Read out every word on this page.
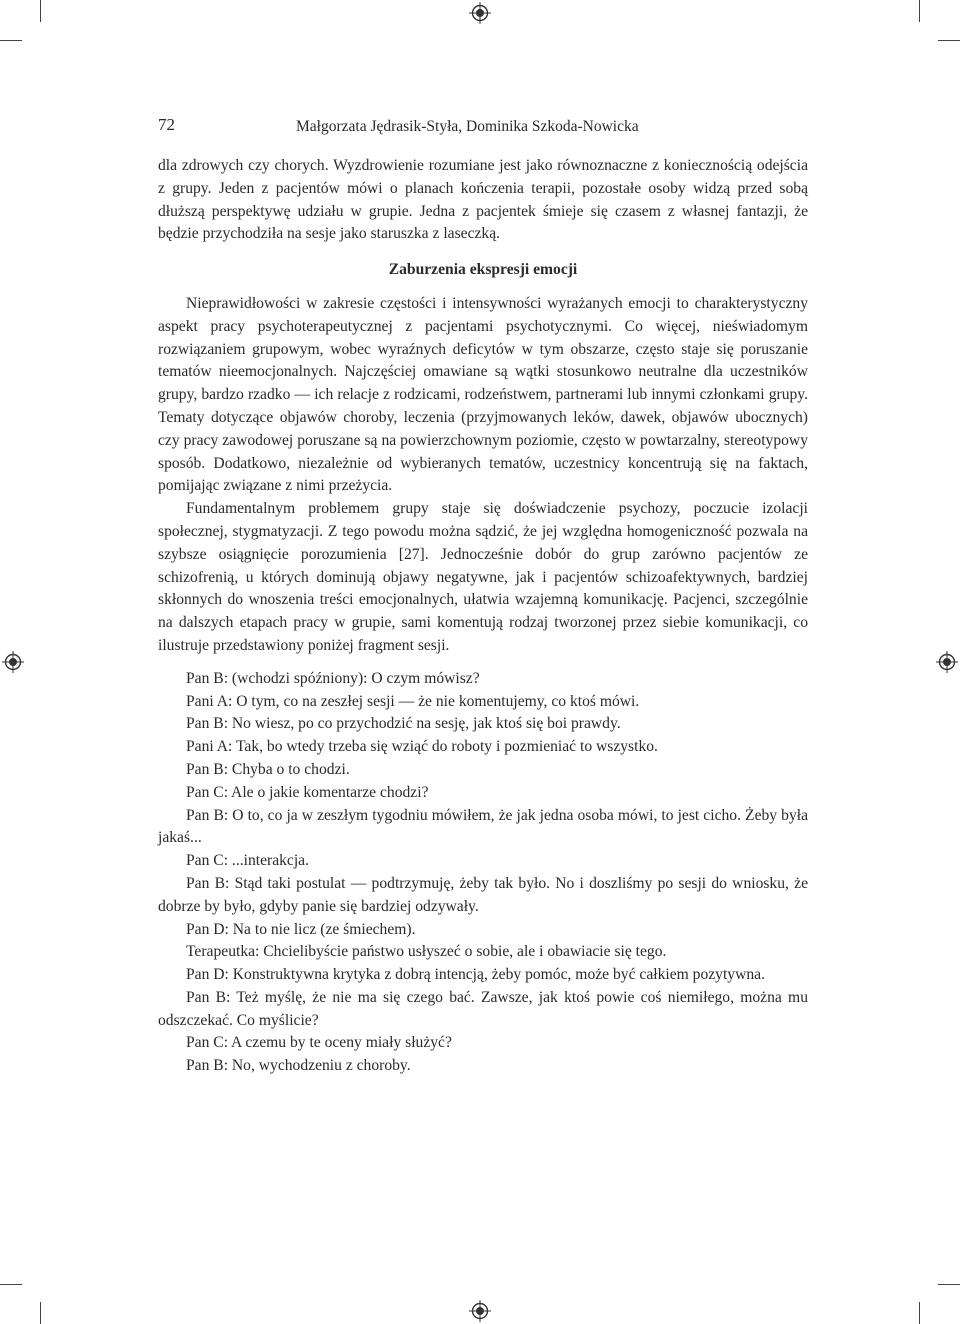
72	Małgorzata Jędrasik-Styła, Dominika Szkoda-Nowicka

dla zdrowych czy chorych. Wyzdrowienie rozumiane jest jako równoznaczne z koniecznością odejścia z grupy. Jeden z pacjentów mówi o planach kończenia terapii, pozostałe osoby widzą przed sobą dłuższą perspektywę udziału w grupie. Jedna z pacjentek śmieje się czasem z własnej fantazji, że będzie przychodziła na sesje jako staruszka z laseczką.

Zaburzenia ekspresji emocji

Nieprawidłowości w zakresie częstości i intensywności wyrażanych emocji to charakterystyczny aspekt pracy psychoterapeutycznej z pacjentami psychotycznymi. Co więcej, nieświadomym rozwiązaniem grupowym, wobec wyraźnych deficytów w tym obszarze, często staje się poruszanie tematów nieemocjonalnych. Najczęściej omawiane są wątki stosunkowo neutralne dla uczestników grupy, bardzo rzadko — ich relacje z rodzicami, rodzeństwem, partnerami lub innymi członkami grupy. Tematy dotyczące objawów choroby, leczenia (przyjmowanych leków, dawek, objawów ubocznych) czy pracy zawodowej poruszane są na powierzchownym poziomie, często w powtarzalny, stereotypowy sposób. Dodatkowo, niezależnie od wybieranych tematów, uczestnicy koncentrują się na faktach, pomijając związane z nimi przeżycia.

Fundamentalnym problemem grupy staje się doświadczenie psychozy, poczucie izolacji społecznej, stygmatyzacji. Z tego powodu można sądzić, że jej względna homogeniczność pozwala na szybsze osiągnięcie porozumienia [27]. Jednocześnie dobór do grup zarówno pacjentów ze schizofrenią, u których dominują objawy negatywne, jak i pacjentów schizoafektywnych, bardziej skłonnych do wnoszenia treści emocjonalnych, ułatwia wzajemną komunikację. Pacjenci, szczególnie na dalszych etapach pracy w grupie, sami komentują rodzaj tworzonej przez siebie komunikacji, co ilustruje przedstawiony poniżej fragment sesji.

Pan B: (wchodzi spóźniony): O czym mówisz?

Pani A: O tym, co na zeszłej sesji — że nie komentujemy, co ktoś mówi.

Pan B: No wiesz, po co przychodzić na sesję, jak ktoś się boi prawdy.

Pani A: Tak, bo wtedy trzeba się wziąć do roboty i pozmieniać to wszystko.

Pan B: Chyba o to chodzi.

Pan C: Ale o jakie komentarze chodzi?

Pan B: O to, co ja w zeszłym tygodniu mówiłem, że jak jedna osoba mówi, to jest cicho. Żeby była jakaś...

Pan C: ...interakcja.

Pan B: Stąd taki postulat — podtrzymuję, żeby tak było. No i doszliśmy po sesji do wniosku, że dobrze by było, gdyby panie się bardziej odzywały.

Pan D: Na to nie licz (ze śmiechem).

Terapeutka: Chcielibyście państwo usłyszeć o sobie, ale i obawiacie się tego.

Pan D: Konstruktywna krytyka z dobrą intencją, żeby pomóc, może być całkiem pozytywna.

Pan B: Też myślę, że nie ma się czego bać. Zawsze, jak ktoś powie coś niemiłego, można mu odszczekać. Co myślicie?

Pan C: A czemu by te oceny miały służyć?

Pan B: No, wychodzeniu z choroby.
